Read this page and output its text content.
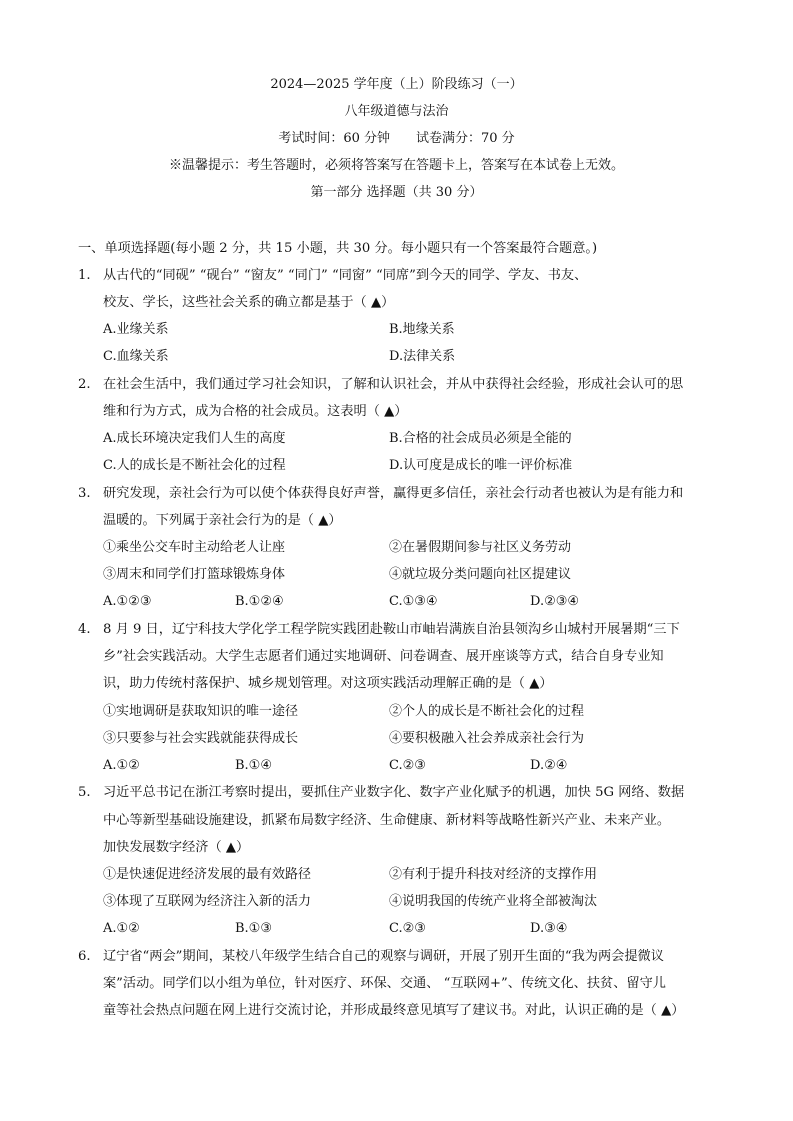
2024—2025 学年度（上）阶段练习（一）
八年级道德与法治
考试时间：60 分钟　　试卷满分：70 分
※温馨提示：考生答题时，必须将答案写在答题卡上，答案写在本试卷上无效。
第一部分 选择题（共 30 分）
一、单项选择题(每小题 2 分，共 15 小题，共 30 分。每小题只有一个答案最符合题意。)
1. 从古代的“同砚” “砚台” “窗友” “同门” “同窗” “同席”到今天的同学、学友、书友、
校友、学长，这些社会关系的确立都是基于（ ▲）
A.业缘关系	B.地缘关系
C.血缘关系	D.法律关系
2. 在社会生活中，我们通过学习社会知识，了解和认识社会，并从中获得社会经验，形成社会认可的思
维和行为方式，成为合格的社会成员。这表明（ ▲）
A.成长环境决定我们人生的高度	B.合格的社会成员必须是全能的
C.人的成长是不断社会化的过程	D.认可度是成长的唯一评价标准
3. 研究发现，亲社会行为可以使个体获得良好声誉，赢得更多信任，亲社会行动者也被认为是有能力和
温暖的。下列属于亲社会行为的是（ ▲）
①乘坐公交车时主动给老人让座	②在暑假期间参与社区义务劳动
③周末和同学们打篮球锻炼身体	④就垃圾分类问题向社区提建议
A.①②③	B.①②④	C.①③④	D.②③④
4. 8 月 9 日，辽宁科技大学化学工程学院实践团赴鞍山市岫岩满族自治县领沟乡山城村开展暑期“三下
乡”社会实践活动。大学生志愿者们通过实地调研、问卷调查、展开座谈等方式，结合自身专业知
识，助力传统村落保护、城乡规划管理。对这项实践活动理解正确的是（ ▲）
①实地调研是获取知识的唯一途径	②个人的成长是不断社会化的过程
③只要参与社会实践就能获得成长	④要积极融入社会养成亲社会行为
A.①②	B.①④	C.②③	D.②④
5. 习近平总书记在浙江考察时提出，要抓住产业数字化、数字产业化赋予的机遇，加快 5G 网络、数据
中心等新型基础设施建设，抓紧布局数字经济、生命健康、新材料等战略性新兴产业、未来产业。
加快发展数字经济（ ▲）
①是快速促进经济发展的最有效路径	②有利于提升科技对经济的支撑作用
③体现了互联网为经济注入新的活力	④说明我国的传统产业将全部被淘汰
A.①②	B.①③	C.②③	D.③④
6. 辽宁省“两会”期间，某校八年级学生结合自己的观察与调研，开展了别开生面的“我为两会提微议
案”活动。同学们以小组为单位，针对医疗、环保、交通、 “互联网+”、传统文化、扶贫、留守儿
童等社会热点问题在网上进行交流讨论，并形成最终意见填写了建议书。对此，认识正确的是（ ▲）
